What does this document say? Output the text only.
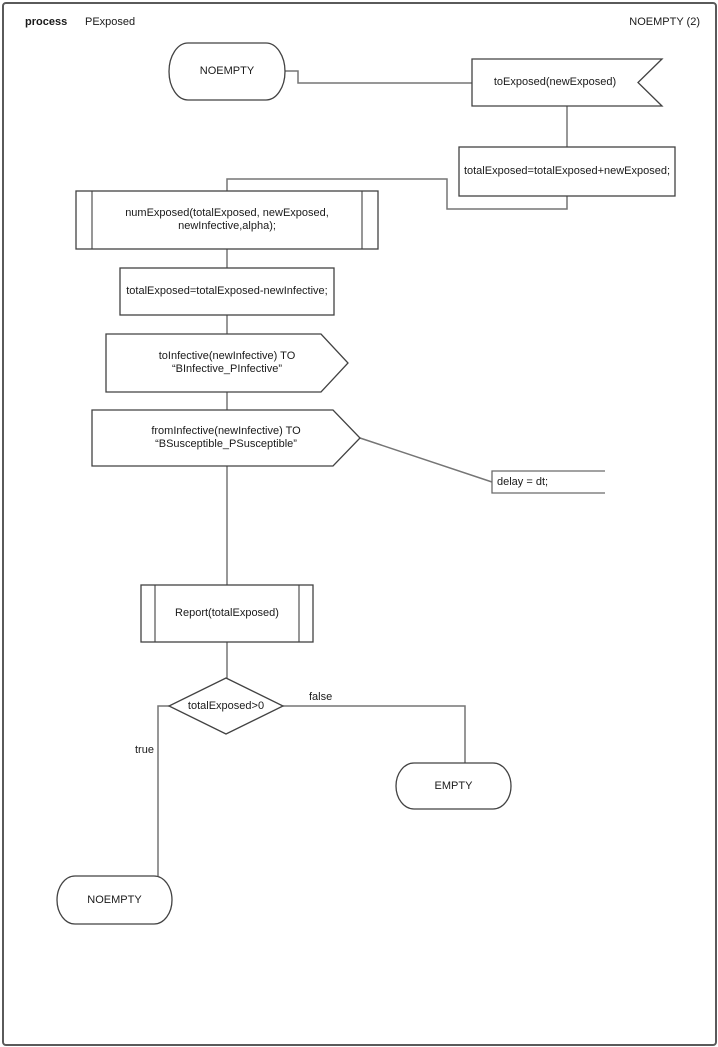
process PExposed	NOEMPTY (2)
NOEMPTY
toExposed(newExposed)
totalExposed=totalExposed+newExposed;
numExposed(totalExposed, newExposed,
newInfective,alpha);
totalExposed=totalExposed-newInfective;
toInfective(newInfective) TO “BInfective_PInfective”
fromInfective(newInfective) TO “BSusceptible_PSusceptible”
delay = dt;
Report(totalExposed)
totalExposed>0
EMPTY
NOEMPTY
false
true
